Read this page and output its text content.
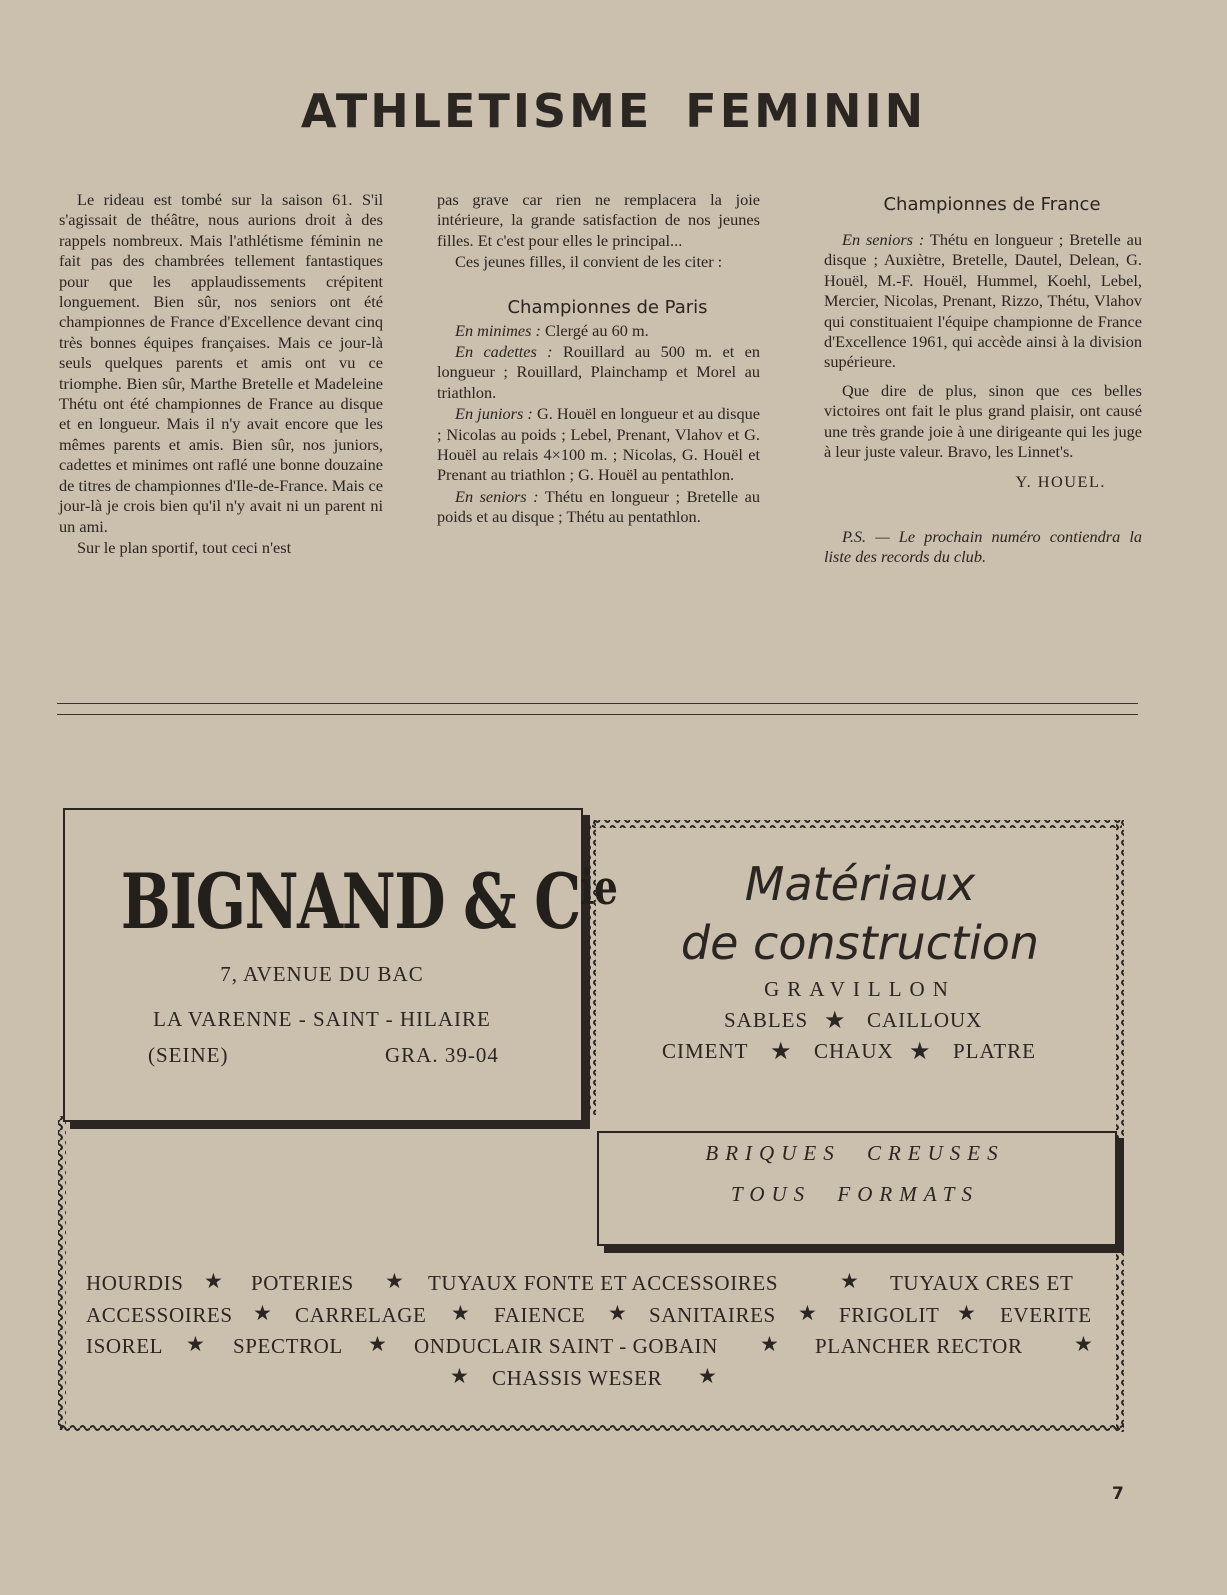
ATHLETISME FEMININ

Le rideau est tombé sur la saison 61. S'il s'agissait de théâtre, nous aurions droit à des rappels nombreux. Mais l'athlétisme féminin ne fait pas des chambrées tellement fantastiques pour que les applaudissements crépitent longuement. Bien sûr, nos seniors ont été championnes de France d'Excellence devant cinq très bonnes équipes françaises. Mais ce jour-là seuls quelques parents et amis ont vu ce triomphe. Bien sûr, Marthe Bretelle et Madeleine Thétu ont été championnes de France au disque et en longueur. Mais il n'y avait encore que les mêmes parents et amis. Bien sûr, nos juniors, cadettes et minimes ont raflé une bonne douzaine de titres de championnes d'Ile-de-France. Mais ce jour-là je crois bien qu'il n'y avait ni un parent ni un ami.

Sur le plan sportif, tout ceci n'est

pas grave car rien ne remplacera la joie intérieure, la grande satisfaction de nos jeunes filles. Et c'est pour elles le principal...

Ces jeunes filles, il convient de les citer :

Championnes de Paris

En minimes : Clergé au 60 m.

En cadettes : Rouillard au 500 m. et en longueur ; Rouillard, Plainchamp et Morel au triathlon.

En juniors : G. Houël en longueur et au disque ; Nicolas au poids ; Lebel, Prenant, Vlahov et G. Houël au relais 4×100 m. ; Nicolas, G. Houël et Prenant au triathlon ; G. Houël au pentathlon.

En seniors : Thétu en longueur ; Bretelle au poids et au disque ; Thétu au pentathlon.

Championnes de France

En seniors : Thétu en longueur ; Bretelle au disque ; Auxiètre, Bretelle, Dautel, Delean, G. Houël, M.-F. Houël, Hummel, Koehl, Lebel, Mercier, Nicolas, Prenant, Rizzo, Thétu, Vlahov qui constituaient l'équipe championne de France d'Excellence 1961, qui accède ainsi à la division supérieure.

Que dire de plus, sinon que ces belles victoires ont fait le plus grand plaisir, ont causé une très grande joie à une dirigeante qui les juge à leur juste valeur. Bravo, les Linnet's.

Y. HOUEL.

P.S. — Le prochain numéro contiendra la liste des records du club.

BIGNAND & $C^{ie}$
7, AVENUE DU BAC
LA VARENNE - SAINT - HILAIRE
(SEINE)	GRA. 39-04
Matériaux
de construction
GRAVILLON
SABLES ★ CAILLOUX
CIMENT ★ CHAUX ★ PLATRE
BRIQUES CREUSES
TOUS FORMATS
HOURDIS ★ POTERIES ★ TUYAUX FONTE ET ACCESSOIRES	★ TUYAUX CRES ET
ACCESSOIRES ★ CARRELAGE ★ FAIENCE ★ SANITAIRES ★ FRIGOLIT ★ EVERITE
ISOREL ★ SPECTROL ★ ONDUCLAIR SAINT - GOBAIN ★ PLANCHER RECTOR ★
★ CHASSIS WESER ★
7
